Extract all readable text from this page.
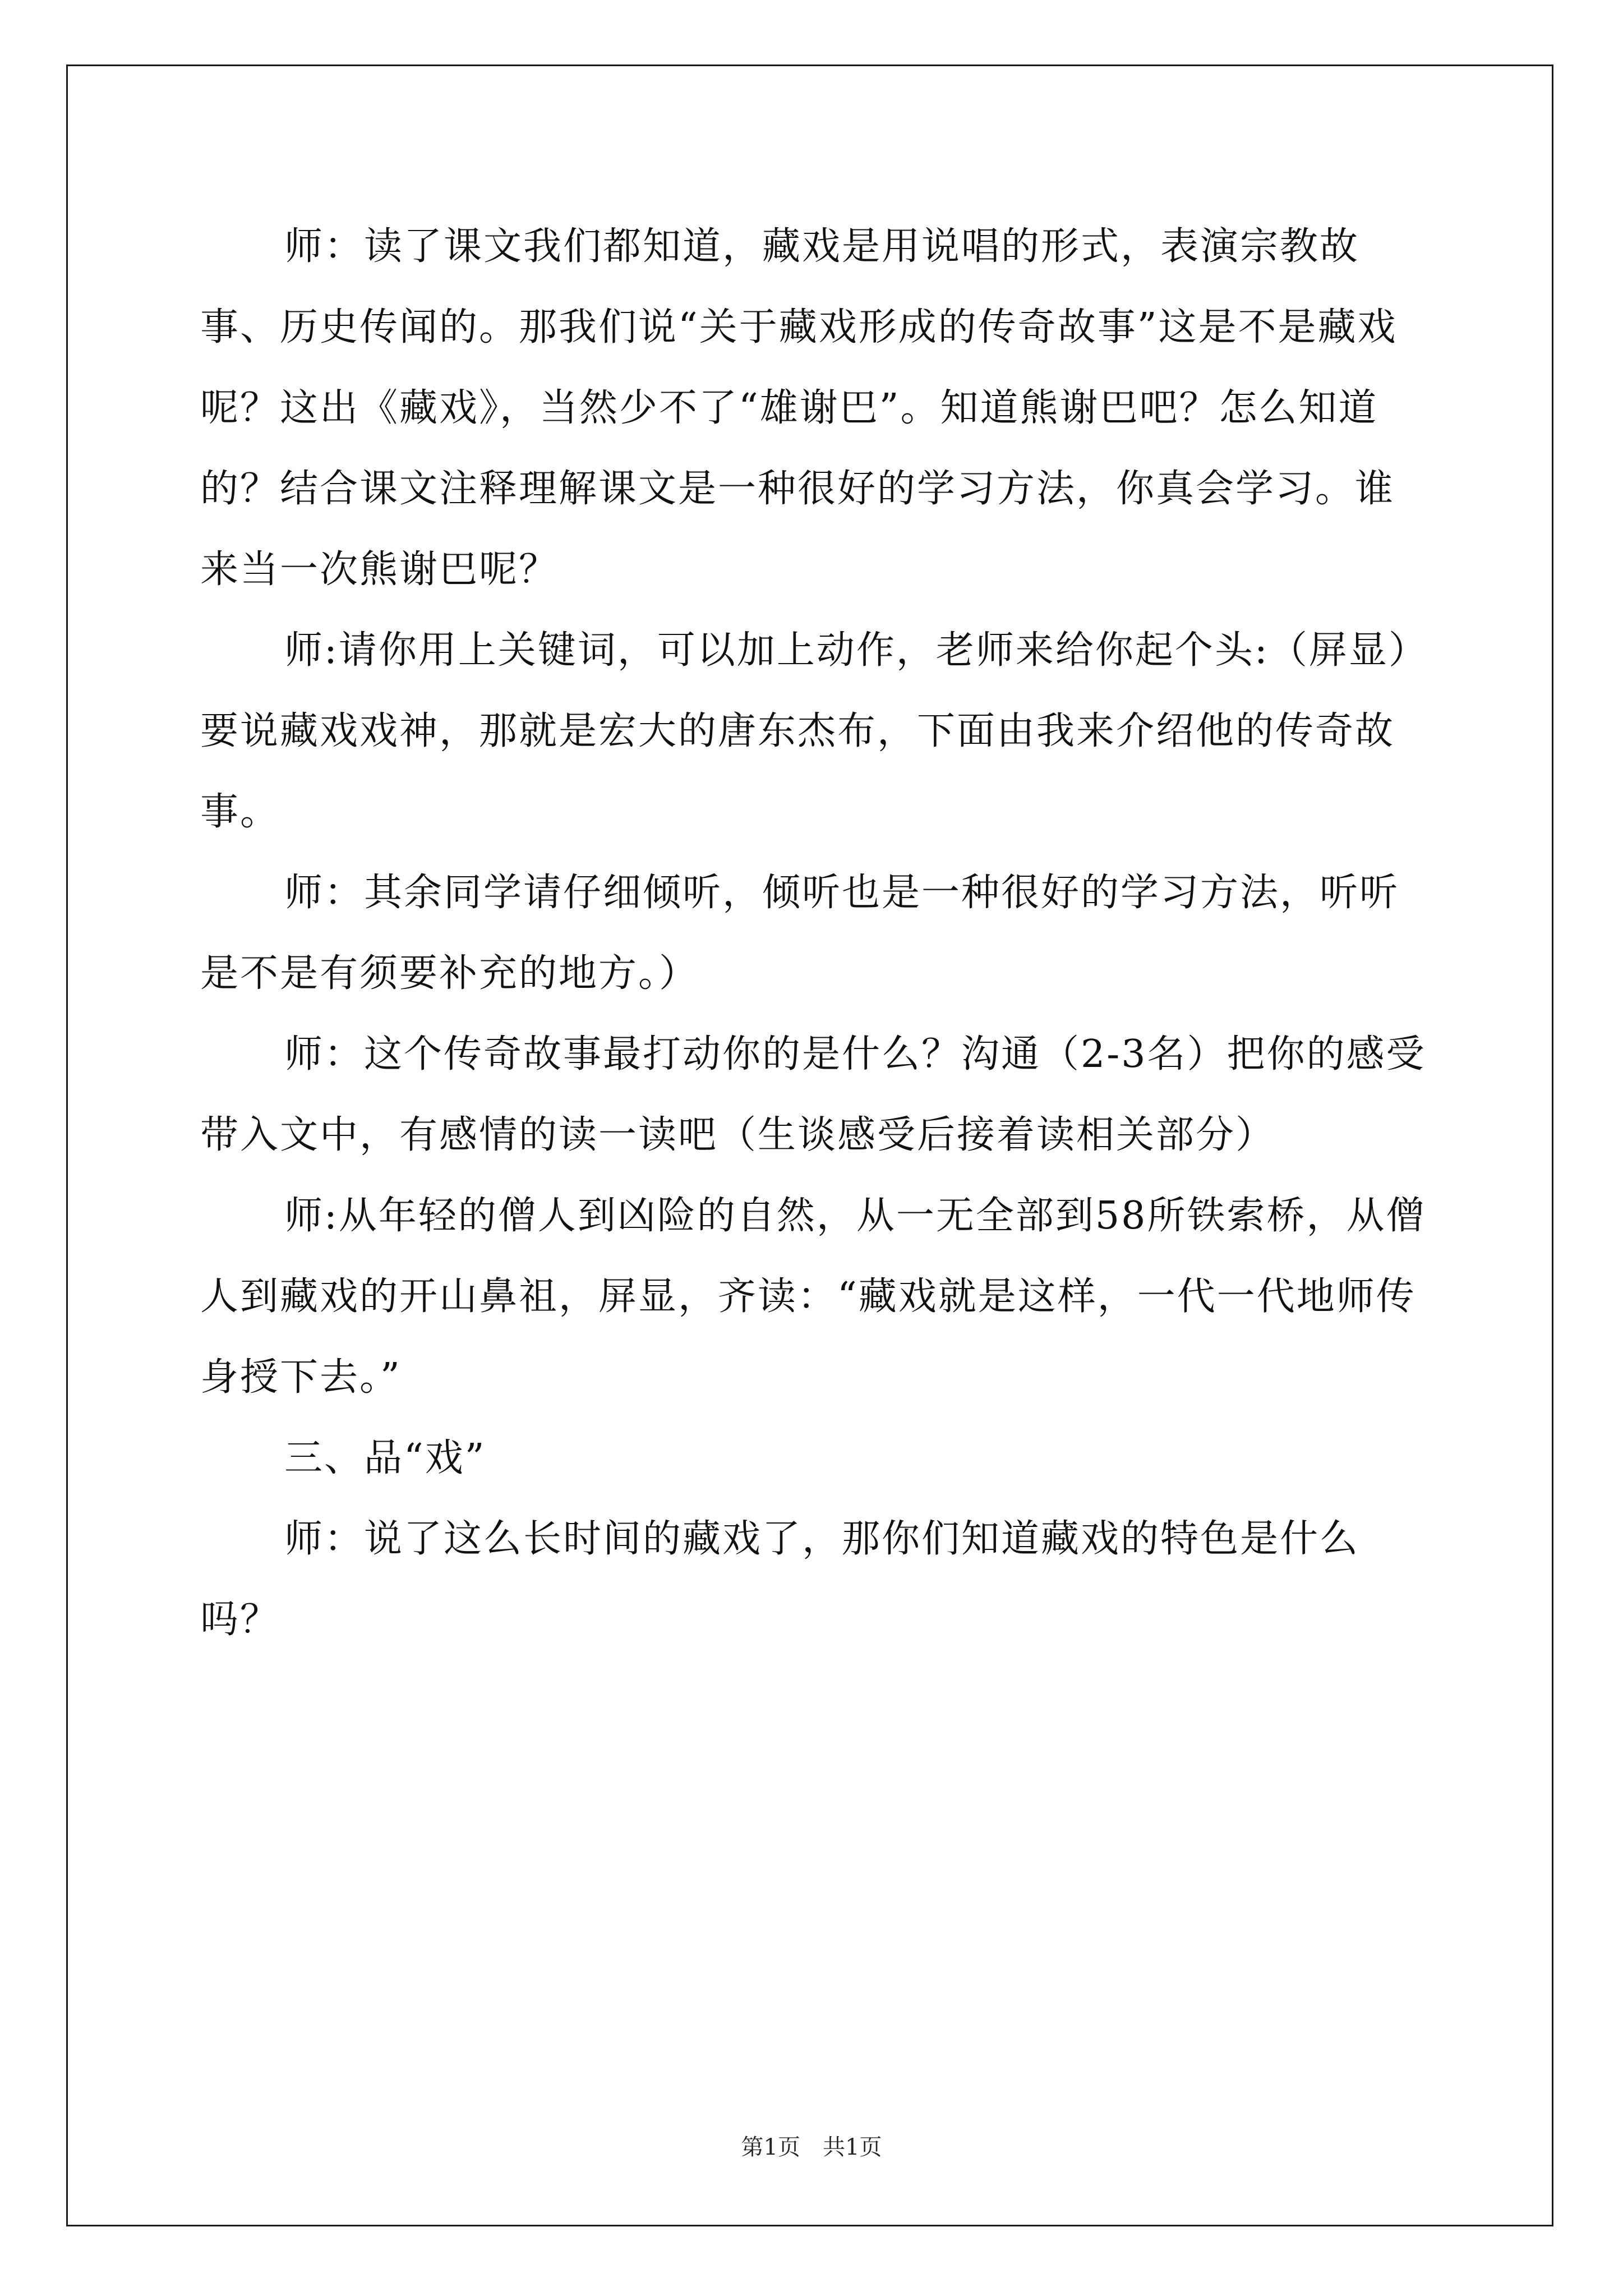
师：读了课文我们都知道，藏戏是用说唱的形式，表演宗教故事、历史传闻的。那我们说“关于藏戏形成的传奇故事”这是不是藏戏呢？这出《藏戏》，当然少不了“雄谢巴”。知道熊谢巴吧？怎么知道的？结合课文注释理解课文是一种很好的学习方法，你真会学习。谁来当一次熊谢巴呢？

师:请你用上关键词，可以加上动作，老师来给你起个头:（屏显）要说藏戏戏神，那就是宏大的唐东杰布，下面由我来介绍他的传奇故事。

师：其余同学请仔细倾听，倾听也是一种很好的学习方法，听听是不是有须要补充的地方。）

师：这个传奇故事最打动你的是什么？沟通（2-3名）把你的感受带入文中，有感情的读一读吧（生谈感受后接着读相关部分）

师:从年轻的僧人到凶险的自然，从一无全部到58所铁索桥，从僧人到藏戏的开山鼻祖，屏显，齐读：“藏戏就是这样，一代一代地师传身授下去。”

三、品“戏”

师：说了这么长时间的藏戏了，那你们知道藏戏的特色是什么吗？

第1页 共1页
